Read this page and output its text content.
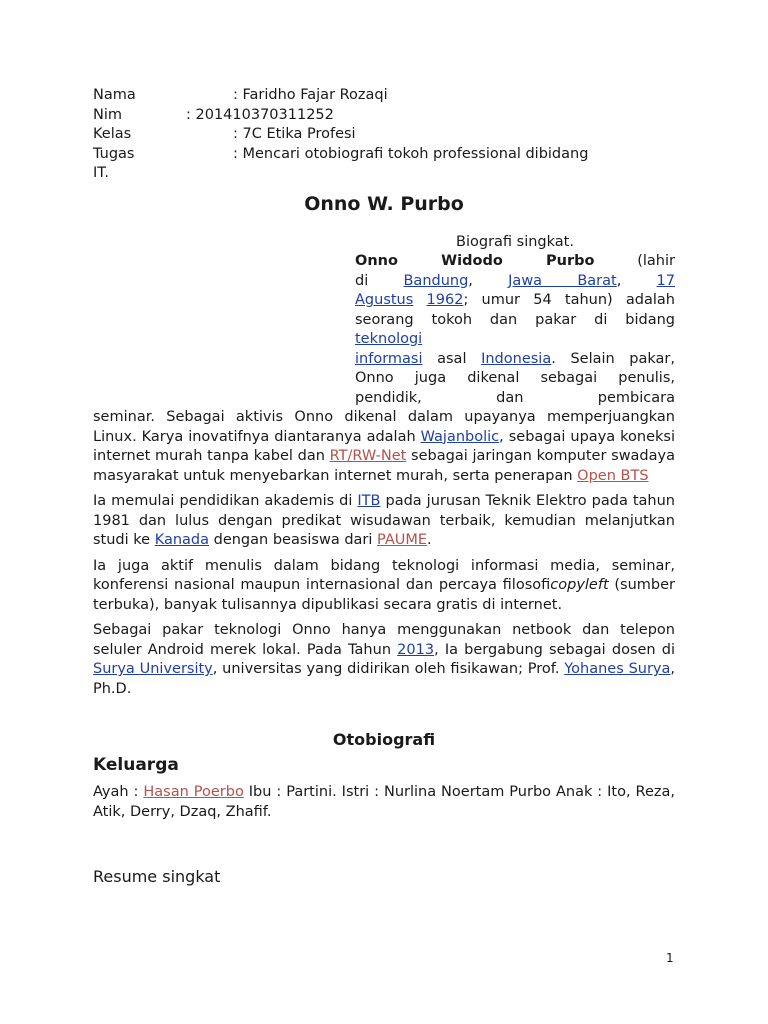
Nama	: Faridho Fajar Rozaqi
Nim	: 201410370311252
Kelas	: 7C Etika Profesi
Tugas	: Mencari otobiografi tokoh professional dibidang
IT.
Onno W. Purbo
Biografi singkat.
Onno Widodo Purbo (lahir
di Bandung, Jawa Barat, 17
Agustus 1962; umur 54 tahun) adalah
seorang tokoh dan pakar di bidang
teknologi
informasi asal Indonesia. Selain pakar,
Onno juga dikenal sebagai penulis,
pendidik, dan pembicara

seminar. Sebagai aktivis Onno dikenal dalam upayanya memperjuangkan Linux. Karya inovatifnya diantaranya adalah Wajanbolic, sebagai upaya koneksi internet murah tanpa kabel dan RT/RW-Net sebagai jaringan komputer swadaya masyarakat untuk menyebarkan internet murah, serta penerapan Open BTS

Ia memulai pendidikan akademis di ITB pada jurusan Teknik Elektro pada tahun 1981 dan lulus dengan predikat wisudawan terbaik, kemudian melanjutkan studi ke Kanada dengan beasiswa dari PAUME.

Ia juga aktif menulis dalam bidang teknologi informasi media, seminar, konferensi nasional maupun internasional dan percaya filosoficopyleft (sumber terbuka), banyak tulisannya dipublikasi secara gratis di internet.

Sebagai pakar teknologi Onno hanya menggunakan netbook dan telepon seluler Android merek lokal. Pada Tahun 2013, Ia bergabung sebagai dosen di Surya University, universitas yang didirikan oleh fisikawan; Prof. Yohanes Surya, Ph.D.

Otobiografi
Keluarga

Ayah : Hasan Poerbo Ibu : Partini. Istri : Nurlina Noertam Purbo Anak : Ito, Reza, Atik, Derry, Dzaq, Zhafif.

Resume singkat
1
